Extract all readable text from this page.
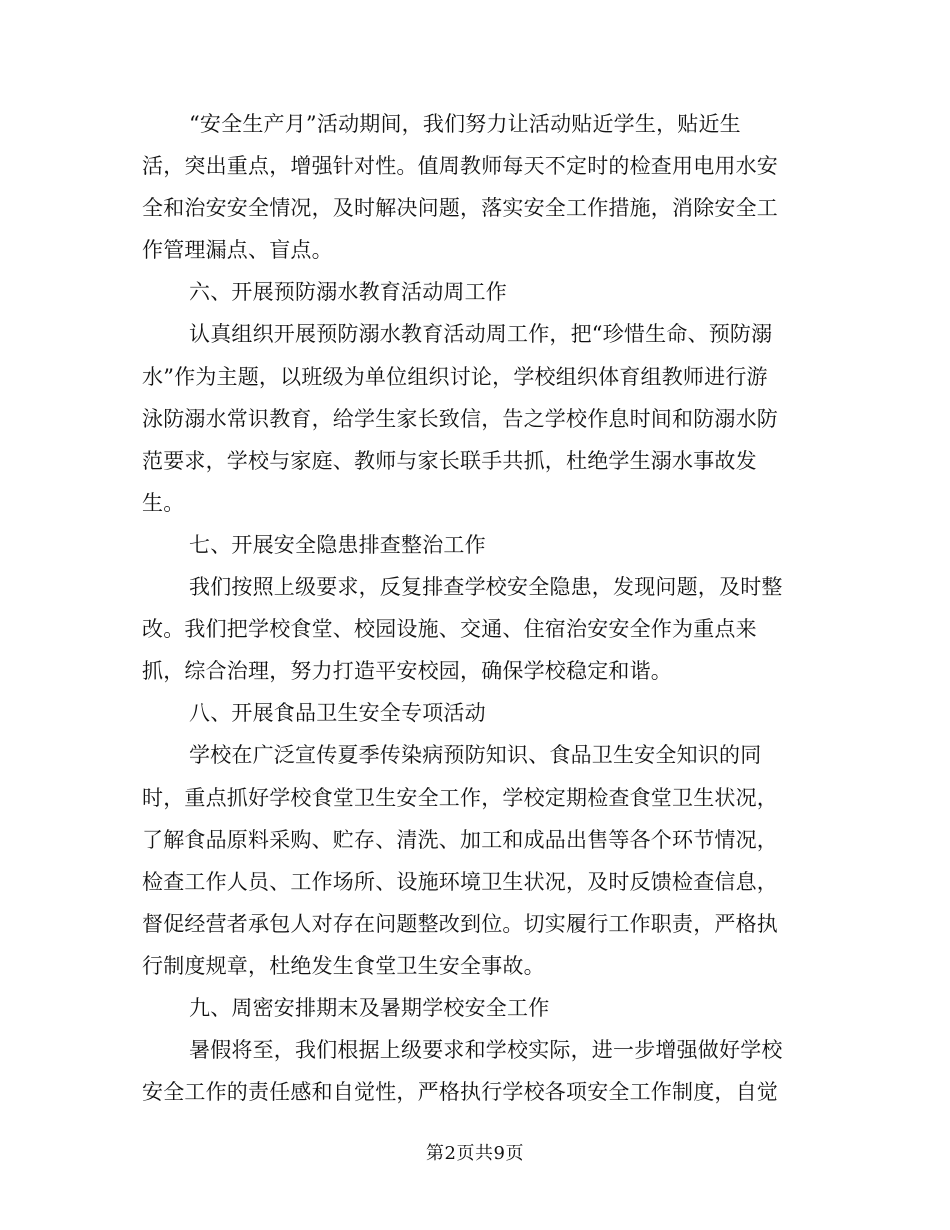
“安全生产月”活动期间，我们努力让活动贴近学生，贴近生
活，突出重点，增强针对性。值周教师每天不定时的检查用电用水安
全和治安安全情况，及时解决问题，落实安全工作措施，消除安全工
作管理漏点、盲点。
六、开展预防溺水教育活动周工作
认真组织开展预防溺水教育活动周工作，把“珍惜生命、预防溺
水”作为主题，以班级为单位组织讨论，学校组织体育组教师进行游
泳防溺水常识教育，给学生家长致信，告之学校作息时间和防溺水防
范要求，学校与家庭、教师与家长联手共抓，杜绝学生溺水事故发
生。
七、开展安全隐患排查整治工作
我们按照上级要求，反复排查学校安全隐患，发现问题，及时整
改。我们把学校食堂、校园设施、交通、住宿治安安全作为重点来
抓，综合治理，努力打造平安校园，确保学校稳定和谐。
八、开展食品卫生安全专项活动
学校在广泛宣传夏季传染病预防知识、食品卫生安全知识的同
时，重点抓好学校食堂卫生安全工作，学校定期检查食堂卫生状况，
了解食品原料采购、贮存、清洗、加工和成品出售等各个环节情况，
检查工作人员、工作场所、设施环境卫生状况，及时反馈检查信息，
督促经营者承包人对存在问题整改到位。切实履行工作职责，严格执
行制度规章，杜绝发生食堂卫生安全事故。
九、周密安排期末及暑期学校安全工作
暑假将至，我们根据上级要求和学校实际，进一步增强做好学校
安全工作的责任感和自觉性，严格执行学校各项安全工作制度，自觉
第2页共9页
